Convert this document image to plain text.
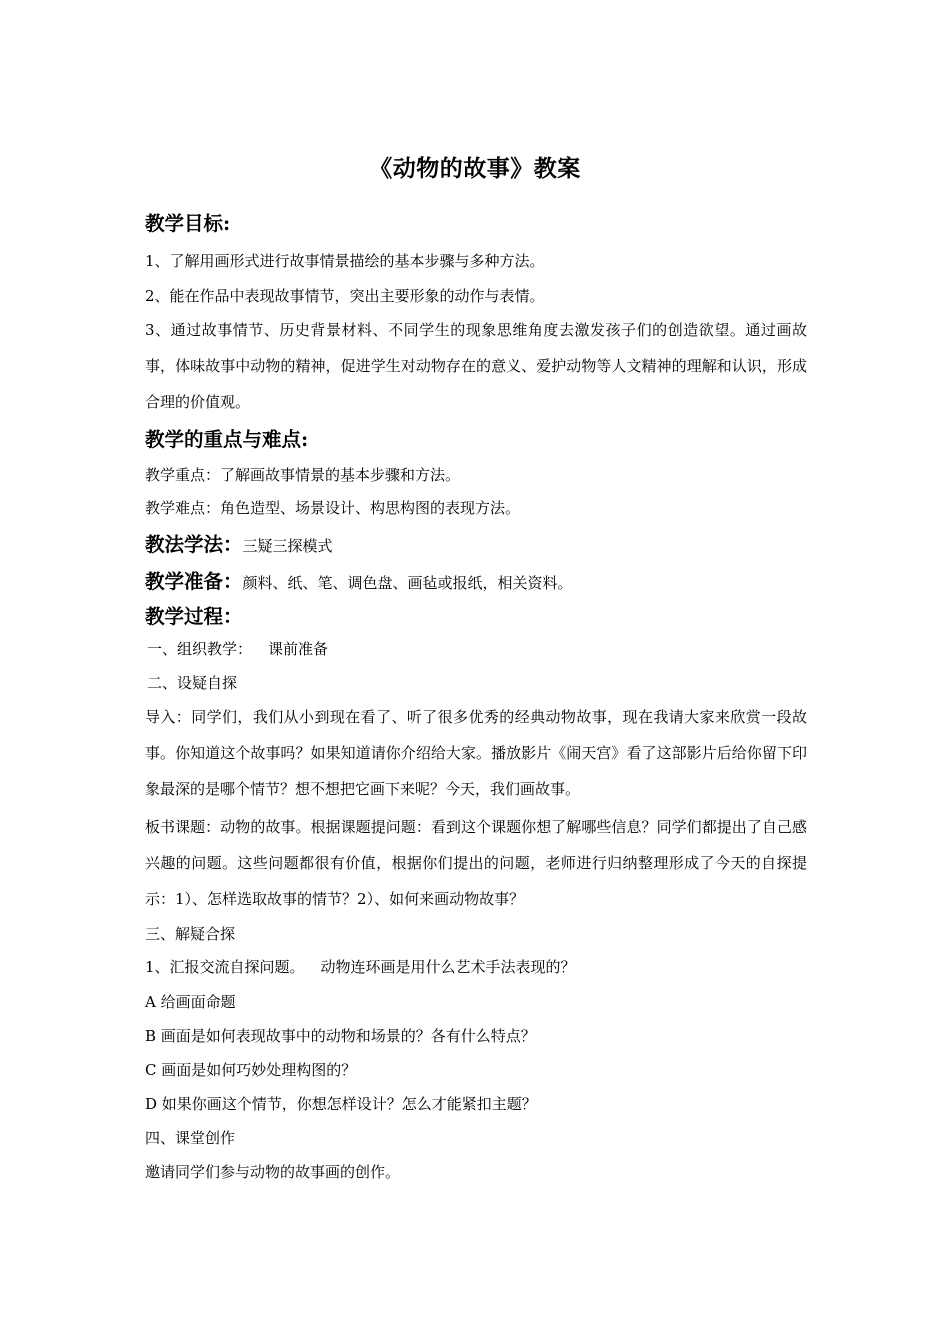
《动物的故事》教案
教学目标:
1、了解用画形式进行故事情景描绘的基本步骤与多种方法。
2、能在作品中表现故事情节，突出主要形象的动作与表情。
3、通过故事情节、历史背景材料、不同学生的现象思维角度去激发孩子们的创造欲望。通过画故事，体味故事中动物的精神，促进学生对动物存在的意义、爱护动物等人文精神的理解和认识，形成合理的价值观。
教学的重点与难点:
教学重点：了解画故事情景的基本步骤和方法。
教学难点：角色造型、场景设计、构思构图的表现方法。
教法学法：三疑三探模式
教学准备：颜料、纸、笔、调色盘、画毡或报纸，相关资料。
教学过程：
一、组织教学： 课前准备
二、设疑自探
导入：同学们，我们从小到现在看了、听了很多优秀的经典动物故事，现在我请大家来欣赏一段故事。你知道这个故事吗？如果知道请你介绍给大家。播放影片《闹天宫》看了这部影片后给你留下印象最深的是哪个情节？想不想把它画下来呢？今天，我们画故事。
板书课题：动物的故事。根据课题提问题：看到这个课题你想了解哪些信息？同学们都提出了自己感兴趣的问题。这些问题都很有价值，根据你们提出的问题，老师进行归纳整理形成了今天的自探提示：1）、怎样选取故事的情节？2）、如何来画动物故事？
三、解疑合探
1、汇报交流自探问题。 动物连环画是用什么艺术手法表现的？
A 给画面命题
B 画面是如何表现故事中的动物和场景的？各有什么特点？
C 画面是如何巧妙处理构图的？
D 如果你画这个情节，你想怎样设计？怎么才能紧扣主题？
四、课堂创作
邀请同学们参与动物的故事画的创作。
